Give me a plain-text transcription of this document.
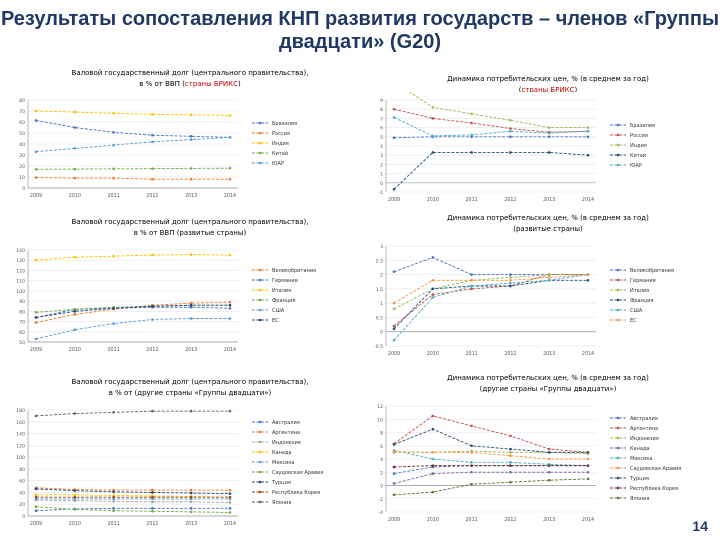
Результаты сопоставления КНП развития государств – членов «Группы двадцати» (G20)
Валовой государственный долг (центрального правительства),
в % от ВВП (страны БРИКС)
Динамика потребительских цен, % (в среднем за год)
(страны БРИКС)
Валовой государственный долг (центрального правительства),
в % от ВВП (развитые страны)
Динамика потребительских цен, % (в среднем за год)
(развитые страны)
Валовой государственный долг (центрального правительства),
в % от (другие страны «Группы двадцати»)
Динамика потребительских цен, % (в среднем за год)
(другие страны «Группы двадцати»)
0
10
20
30
40
50
60
70
80
2009	2010	2011	2012	2013	2014
Бразилия
Россия
Индия
Китай
ЮАР
-1
0
1
2
3
4
5
6
7
8
9
2009	2010	2011	2012	2013	2014
Бразилия
Россия
Индия
Китай
ЮАР
50
60
70
80
90
100
110
120
130
140
2009	2010	2011	2012	2013	2014
Великобритания
Германия
Италия
Франция
США
ЕС
-0.5
0
0.5
1
1.5
2
2.5
3
2009	2010	2011	2012	2013	2014
Великобритания
Германия
Италия
Франция
США
ЕС
0
20
40
60
80
100
120
140
160
180
2009	2010	2011	2012	2013	2014
Австралия
Аргентина
Индонезия
Канада
Мексика
Саудовская Аравия
Турция
Республика Корея
Япония
-4
-2
0
2
4
6
8
10
12
2009	2010	2011	2012	2013	2014
Австралия
Аргентина
Индонезия
Канада
Мексика
Саудовская Аравия
Турция
Республика Корея
Япония
14
